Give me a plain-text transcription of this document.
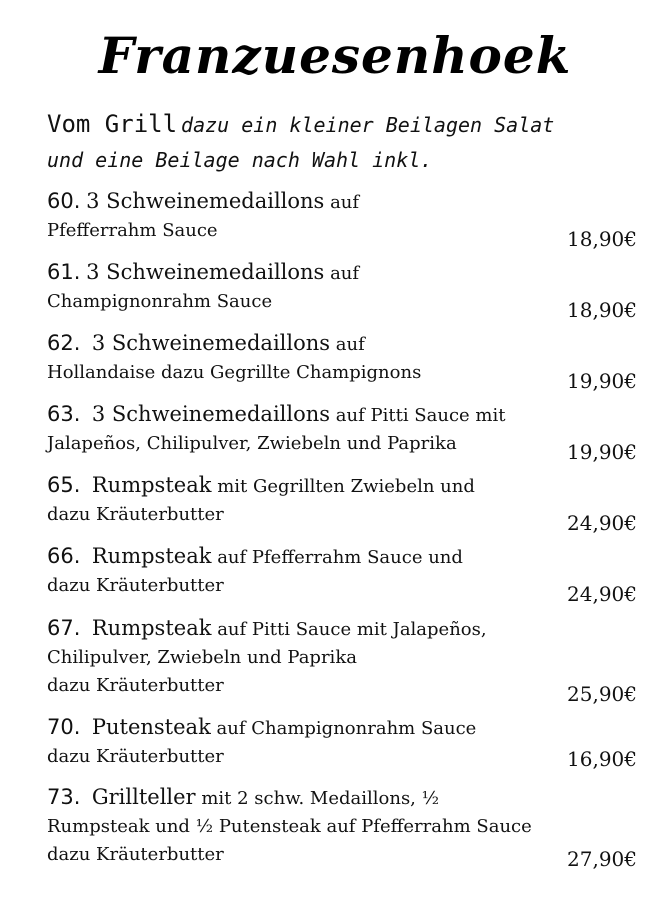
Franzuesenhoek
Vom Grill dazu ein kleiner Beilagen Salat
und eine Beilage nach Wahl inkl.
60. 3 Schweinemedaillons auf
Pfefferrahm Sauce	18,90€
61. 3 Schweinemedaillons auf
Champignonrahm Sauce	18,90€
62. 3 Schweinemedaillons auf
Hollandaise dazu Gegrillte Champignons	19,90€
63. 3 Schweinemedaillons auf Pitti Sauce mit
Jalapeños, Chilipulver, Zwiebeln und Paprika	19,90€
65. Rumpsteak mit Gegrillten Zwiebeln und
dazu Kräuterbutter	24,90€
66. Rumpsteak auf Pfefferrahm Sauce und
dazu Kräuterbutter	24,90€
67. Rumpsteak auf Pitti Sauce mit Jalapeños,
Chilipulver, Zwiebeln und Paprika
dazu Kräuterbutter	25,90€
70. Putensteak auf Champignonrahm Sauce
dazu Kräuterbutter	16,90€
73. Grillteller mit 2 schw. Medaillons, ½
Rumpsteak und ½ Putensteak auf Pfefferrahm Sauce
dazu Kräuterbutter	27,90€
